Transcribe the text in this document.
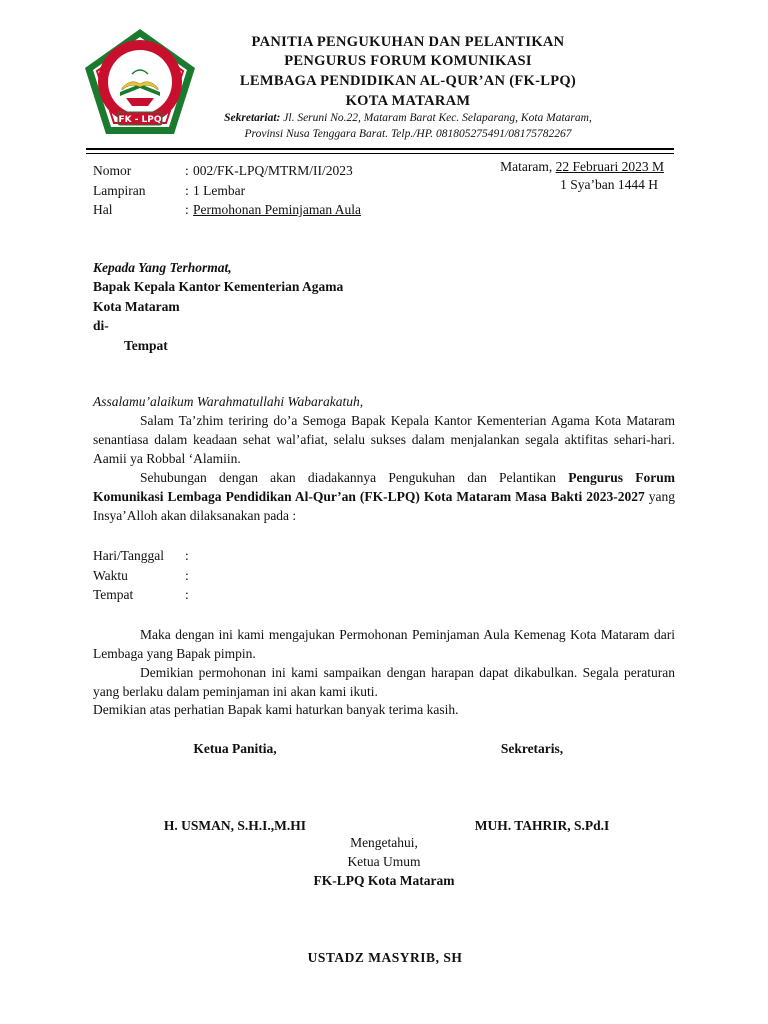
FK - LPQ
PANITIA PENGUKUHAN DAN PELANTIKAN
PENGURUS FORUM KOMUNIKASI
LEMBAGA PENDIDIKAN AL-QUR’AN (FK-LPQ)
KOTA MATARAM
Sekretariat: Jl. Seruni No.22, Mataram Barat Kec. Selaparang, Kota Mataram,
Provinsi Nusa Tenggara Barat. Telp./HP. 081805275491/08175782267
Nomor	: 002/FK-LPQ/MTRM/II/2023
Lampiran	: 1 Lembar
Hal	: Permohonan Peminjaman Aula
Mataram, 22 Februari 2023 M
1 Sya’ban 1444 H
Kepada Yang Terhormat,
Bapak Kepala Kantor Kementerian Agama
Kota Mataram
di-
Tempat
Assalamu’alaikum Warahmatullahi Wabarakatuh,
Salam Ta’zhim teriring do’a Semoga Bapak Kepala Kantor Kementerian Agama Kota Mataram senantiasa dalam keadaan sehat wal’afiat, selalu sukses dalam menjalankan segala aktifitas sehari-hari. Aamii ya Robbal ‘Alamiin.
Sehubungan dengan akan diadakannya Pengukuhan dan Pelantikan Pengurus Forum Komunikasi Lembaga Pendidikan Al-Qur’an (FK-LPQ) Kota Mataram Masa Bakti 2023-2027 yang Insya’Alloh akan dilaksanakan pada :
Hari/Tanggal :
Waktu	:
Tempat	:
Maka dengan ini kami mengajukan Permohonan Peminjaman Aula Kemenag Kota Mataram dari Lembaga yang Bapak pimpin.
Demikian permohonan ini kami sampaikan dengan harapan dapat dikabulkan. Segala peraturan yang berlaku dalam peminjaman ini akan kami ikuti.
Demikian atas perhatian Bapak kami haturkan banyak terima kasih.
Ketua Panitia,	Sekretaris,
H. USMAN, S.H.I.,M.HI	MUH. TAHRIR, S.Pd.I
Mengetahui,
Ketua Umum
FK-LPQ Kota Mataram
USTADZ MASYRIB, SH
